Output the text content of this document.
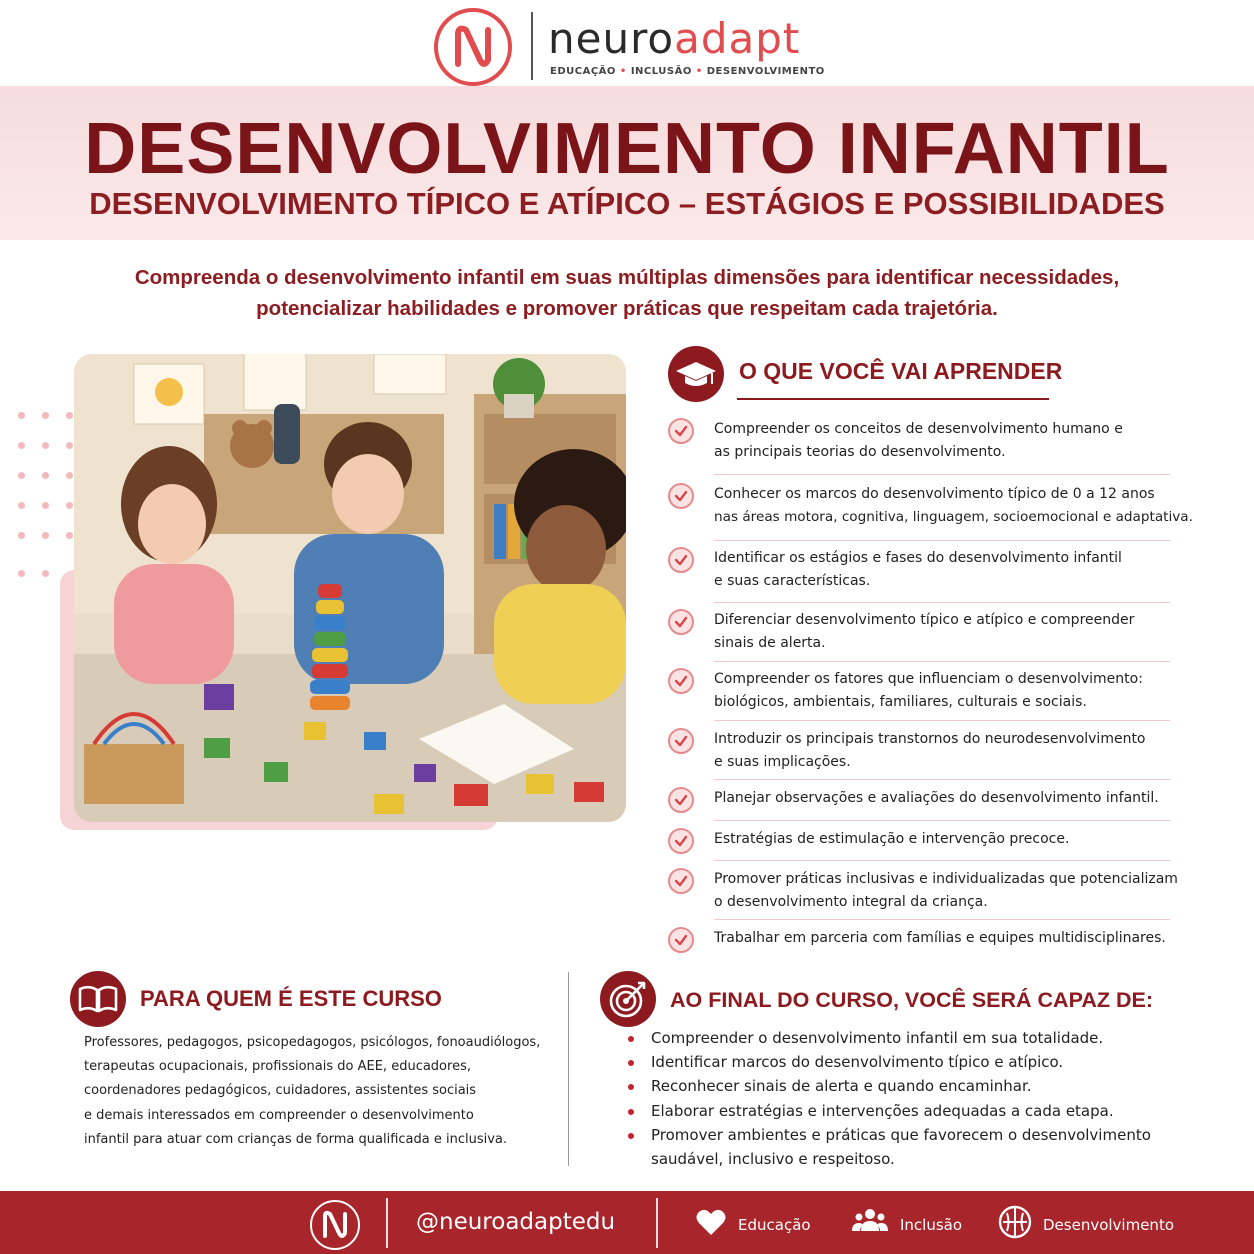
neuroadapt
EDUCAÇÃO • INCLUSÃO • DESENVOLVIMENTO
DESENVOLVIMENTO INFANTIL
DESENVOLVIMENTO TÍPICO E ATÍPICO – ESTÁGIOS E POSSIBILIDADES
Compreenda o desenvolvimento infantil em suas múltiplas dimensões para identificar necessidades,
potencializar habilidades e promover práticas que respeitam cada trajetória.
O QUE VOCÊ VAI APRENDER
Compreender os conceitos de desenvolvimento humano e
as principais teorias do desenvolvimento.
Conhecer os marcos do desenvolvimento típico de 0 a 12 anos
nas áreas motora, cognitiva, linguagem, socioemocional e adaptativa.
Identificar os estágios e fases do desenvolvimento infantil
e suas características.
Diferenciar desenvolvimento típico e atípico e compreender
sinais de alerta.
Compreender os fatores que influenciam o desenvolvimento:
biológicos, ambientais, familiares, culturais e sociais.
Introduzir os principais transtornos do neurodesenvolvimento
e suas implicações.
Planejar observações e avaliações do desenvolvimento infantil.
Estratégias de estimulação e intervenção precoce.
Promover práticas inclusivas e individualizadas que potencializam
o desenvolvimento integral da criança.
Trabalhar em parceria com famílias e equipes multidisciplinares.
PARA QUEM É ESTE CURSO
Professores, pedagogos, psicopedagogos, psicólogos, fonoaudiólogos,
terapeutas ocupacionais, profissionais do AEE, educadores,
coordenadores pedagógicos, cuidadores, assistentes sociais
e demais interessados em compreender o desenvolvimento
infantil para atuar com crianças de forma qualificada e inclusiva.
AO FINAL DO CURSO, VOCÊ SERÁ CAPAZ DE:
Compreender o desenvolvimento infantil em sua totalidade.
Identificar marcos do desenvolvimento típico e atípico.
Reconhecer sinais de alerta e quando encaminhar.
Elaborar estratégias e intervenções adequadas a cada etapa.
Promover ambientes e práticas que favorecem o desenvolvimento
saudável, inclusivo e respeitoso.
@neuroadaptedu	Educação	Inclusão	Desenvolvimento
